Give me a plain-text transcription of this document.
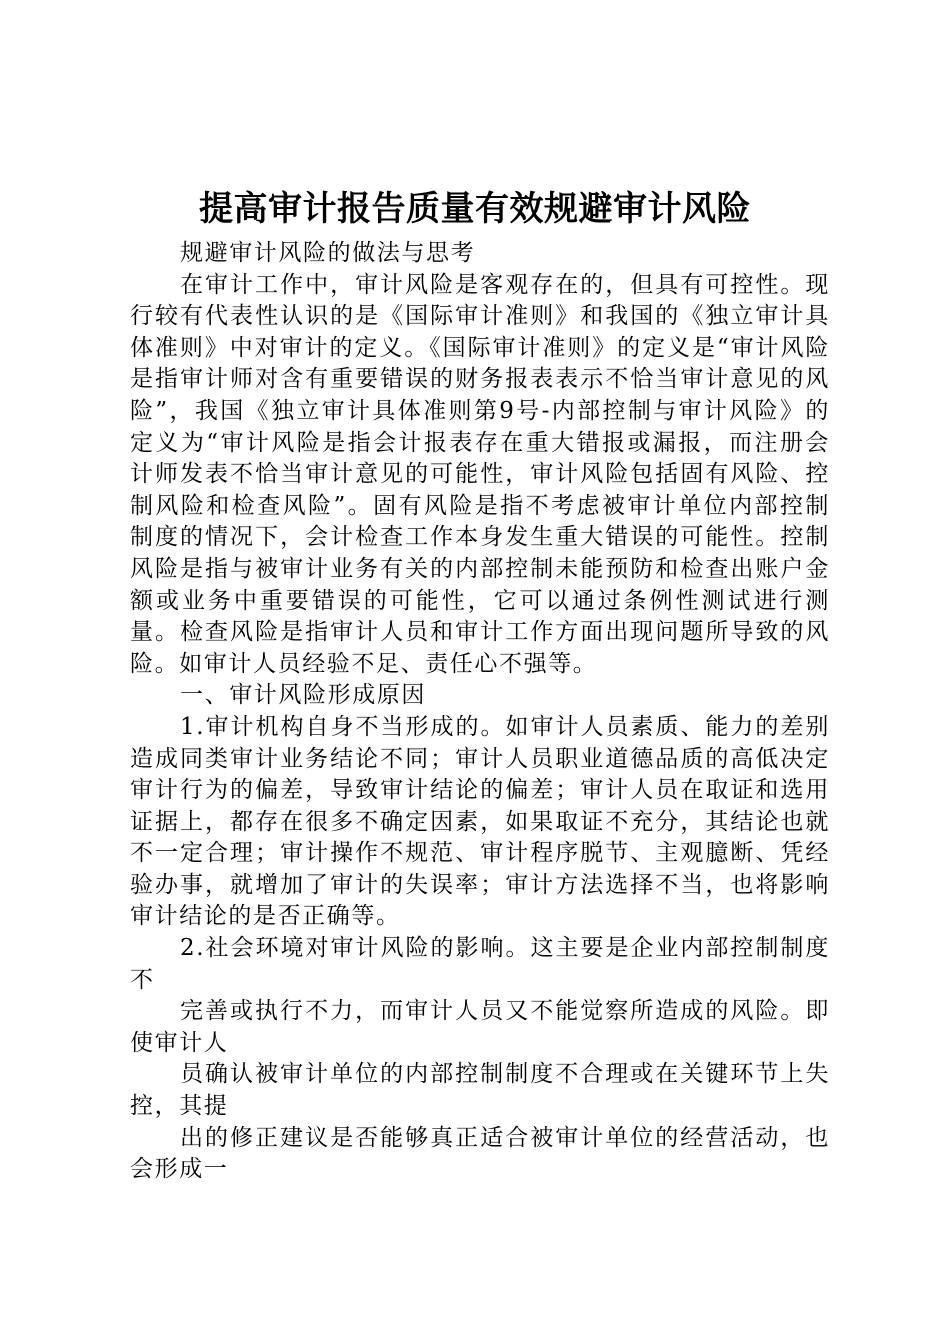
提高审计报告质量有效规避审计风险

规避审计风险的做法与思考

在审计工作中，审计风险是客观存在的，但具有可控性。现行较有代表性认识的是《国际审计准则》和我国的《独立审计具体准则》中对审计的定义。《国际审计准则》的定义是“审计风险是指审计师对含有重要错误的财务报表表示不恰当审计意见的风险”，我国《独立审计具体准则第9号-内部控制与审计风险》的定义为“审计风险是指会计报表存在重大错报或漏报，而注册会计师发表不恰当审计意见的可能性，审计风险包括固有风险、控制风险和检查风险”。固有风险是指不考虑被审计单位内部控制制度的情况下，会计检查工作本身发生重大错误的可能性。控制风险是指与被审计业务有关的内部控制未能预防和检查出账户金额或业务中重要错误的可能性，它可以通过条例性测试进行测量。检查风险是指审计人员和审计工作方面出现问题所导致的风险。如审计人员经验不足、责任心不强等。

一、审计风险形成原因

1.审计机构自身不当形成的。如审计人员素质、能力的差别造成同类审计业务结论不同；审计人员职业道德品质的高低决定审计行为的偏差，导致审计结论的偏差；审计人员在取证和选用证据上，都存在很多不确定因素，如果取证不充分，其结论也就不一定合理；审计操作不规范、审计程序脱节、主观臆断、凭经验办事，就增加了审计的失误率；审计方法选择不当，也将影响审计结论的是否正确等。

2.社会环境对审计风险的影响。这主要是企业内部控制制度不

完善或执行不力，而审计人员又不能觉察所造成的风险。即使审计人

员确认被审计单位的内部控制制度不合理或在关键环节上失控，其提

出的修正建议是否能够真正适合被审计单位的经营活动，也会形成一
